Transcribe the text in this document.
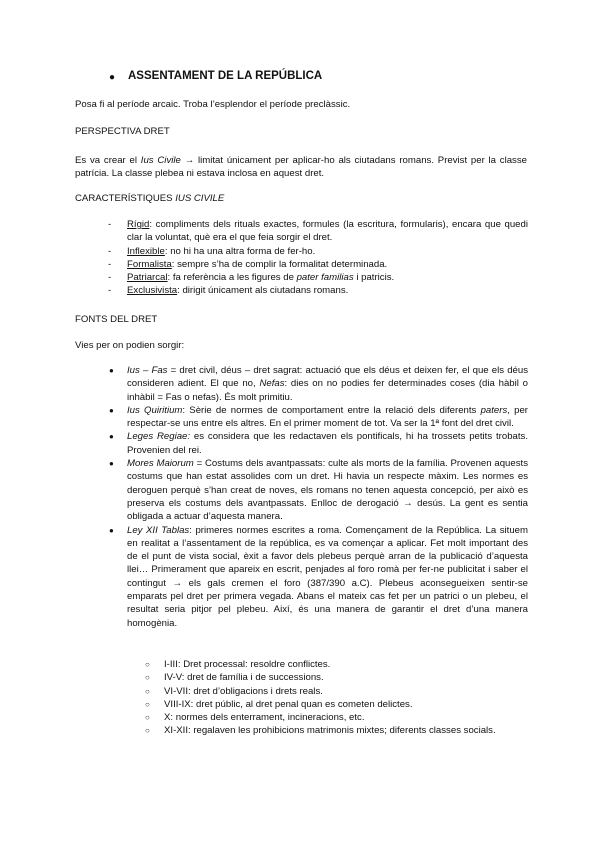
● ASSENTAMENT DE LA REPÚBLICA

Posa fi al període arcaic. Troba l’esplendor el període preclàssic.

PERSPECTIVA DRET

Es va crear el Ius Civile → limitat únicament per aplicar-ho als ciutadans romans. Previst per la classe patrícia. La classe plebea ni estava inclosa en aquest dret.

CARACTERÍSTIQUES IUS CIVILE

- Rígid: compliments dels rituals exactes, formules (la escritura, formularis), encara que quedi clar la voluntat, què era el que feia sorgir el dret.
- Inflexible: no hi ha una altra forma de fer-ho.
- Formalista: sempre s’ha de complir la formalitat determinada.
- Patriarcal: fa referència a les figures de pater familias i patricis.
- Exclusivista: dirigit únicament als ciutadans romans.

FONTS DEL DRET

Vies per on podien sorgir:

● Ius – Fas = dret civil, déus – dret sagrat: actuació que els déus et deixen fer, el que els déus consideren adient. El que no, Nefas: dies on no podies fer determinades coses (dia hàbil o inhàbil = Fas o nefas). És molt primitiu.
● Ius Quiritium: Sèrie de normes de comportament entre la relació dels diferents paters, per respectar-se uns entre els altres. En el primer moment de tot. Va ser la 1ª font del dret civil.
● Leges Regiae: es considera que les redactaven els pontificals, hi ha trossets petits trobats. Provenien del rei.
● Mores Maiorum = Costums dels avantpassats: culte als morts de la família. Provenen aquests costums que han estat assolides com un dret. Hi havia un respecte màxim. Les normes es deroguen perquè s’han creat de noves, els romans no tenen aquesta concepció, per això es preserva els costums dels avantpassats. Enlloc de derogació → desús. La gent es sentia obligada a actuar d’aquesta manera.
● Ley XII Tablas: primeres normes escrites a roma. Començament de la República. La situem en realitat a l’assentament de la república, es va començar a aplicar. Fet molt important des de el punt de vista social, èxit a favor dels plebeus perquè arran de la publicació d’aquesta llei… Primerament que apareix en escrit, penjades al foro romà per fer-ne publicitat i saber el contingut → els gals cremen el foro (387/390 a.C). Plebeus aconsegueixen sentir-se emparats pel dret per primera vegada. Abans el mateix cas fet per un patrici o un plebeu, el resultat seria pitjor pel plebeu. Així, és una manera de garantir el dret d’una manera homogènia.
○ I-III: Dret processal: resoldre conflictes.
○ IV-V: dret de família i de successions.
○ VI-VII: dret d’obligacions i drets reals.
○ VIII-IX: dret públic, al dret penal quan es cometen delictes.
○ X: normes dels enterrament, incineracions, etc.
○ XI-XII: regalaven les prohibicions matrimonis mixtes; diferents classes socials.
